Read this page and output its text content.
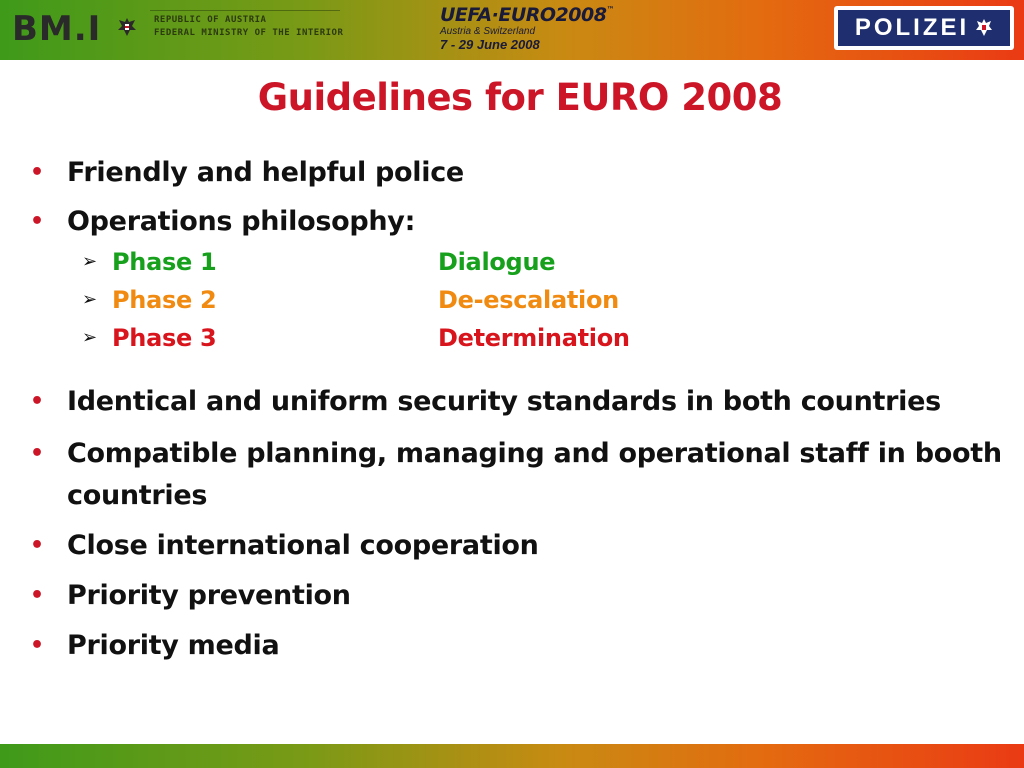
BM.I	REPUBLIC OF AUSTRIA
FEDERAL MINISTRY OF THE INTERIOR
UEFA·EURO2008™
Austria & Switzerland
7 - 29 June 2008
POLIZEI
Guidelines for EURO 2008
• Friendly and helpful police
• Operations philosophy:
➢ Phase 1	Dialogue
➢ Phase 2	De-escalation
➢ Phase 3	Determination
• Identical and uniform security standards in both countries
• Compatible planning, managing and operational staff in booth countries
• Close international cooperation
• Priority prevention
• Priority media
